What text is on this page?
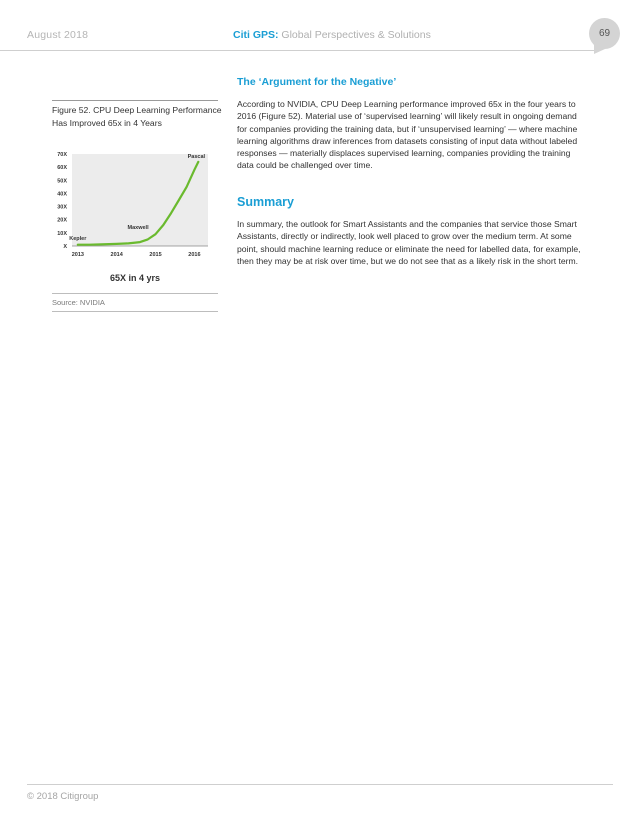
August 2018	Citi GPS: Global Perspectives & Solutions	69
Figure 52. CPU Deep Learning Performance Has Improved 65x in 4 Years
X
10X
20X
30X
40X
50X
60X
70X
2013	2014	2015	2016
Kepler
Maxwell
Pascal
65X in 4 yrs
Source: NVIDIA
The ‘Argument for the Negative’
According to NVIDIA, CPU Deep Learning performance improved 65x in the four years to 2016 (Figure 52). Material use of ‘supervised learning’ will likely result in ongoing demand for companies providing the training data, but if ‘unsupervised learning’ — where machine learning algorithms draw inferences from datasets consisting of input data without labeled responses — materially displaces supervised learning, companies providing the training data could be challenged over time.
Summary
In summary, the outlook for Smart Assistants and the companies that service those Smart Assistants, directly or indirectly, look well placed to grow over the medium term. At some point, should machine learning reduce or eliminate the need for labelled data, for example, then they may be at risk over time, but we do not see that as a likely risk in the short term.
© 2018 Citigroup
